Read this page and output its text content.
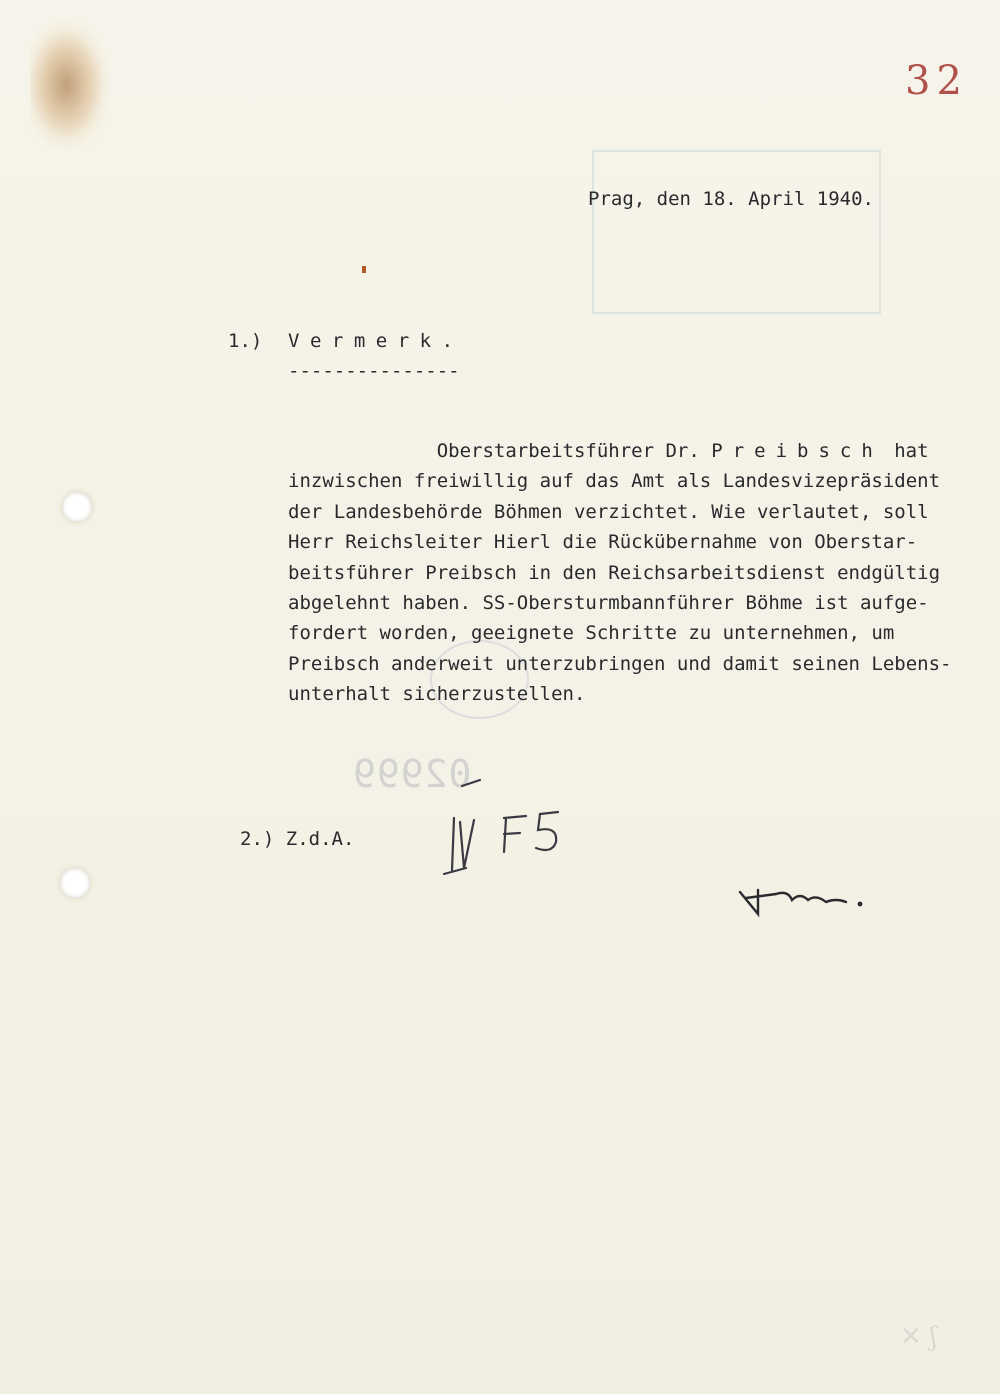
02999
32
Prag, den 18. April 1940.
1.) Vermerk.
---------------
Oberstarbeitsführer Dr. Preibsch hat
inzwischen freiwillig auf das Amt als Landesvizepräsident
der Landesbehörde Böhmen verzichtet. Wie verlautet, soll
Herr Reichsleiter Hierl die Rückübernahme von Oberstar-
beitsführer Preibsch in den Reichsarbeitsdienst endgültig
abgelehnt haben. SS-Obersturmbannführer Böhme ist aufge-
fordert worden, geeignete Schritte zu unternehmen, um
Preibsch anderweit unterzubringen und damit seinen Lebens-
unterhalt sicherzustellen.
2.) Z.d.A.
✕ ʃ
